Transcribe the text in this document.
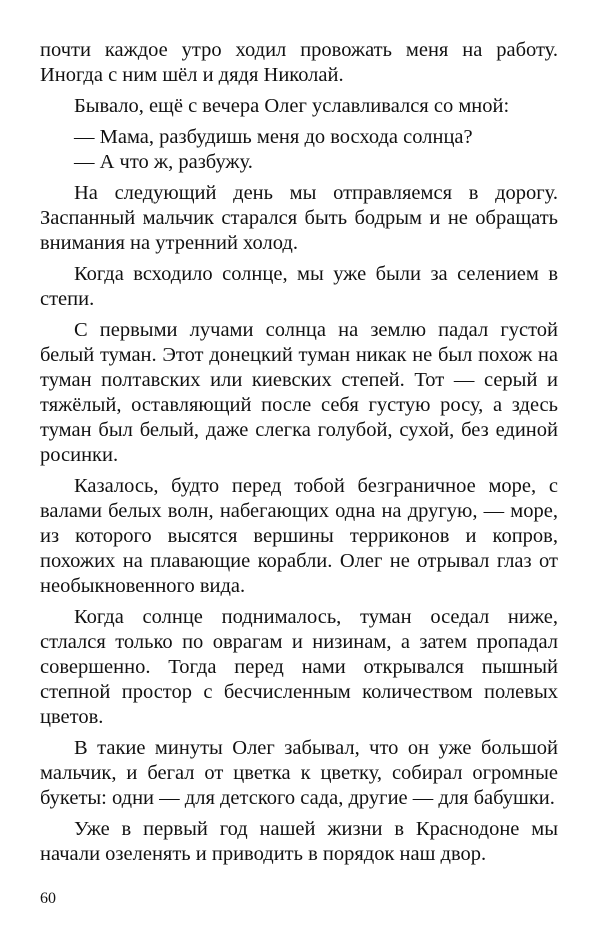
почти каждое утро ходил провожать меня на работу. Иногда с ним шёл и дядя Николай.

Бывало, ещё с вечера Олег уславливался со мной:

— Мама, разбудишь меня до восхода солнца?

— А что ж, разбужу.

На следующий день мы отправляемся в дорогу. Заспанный мальчик старался быть бодрым и не обращать внимания на утренний холод.

Когда всходило солнце, мы уже были за селением в степи.

С первыми лучами солнца на землю падал густой белый туман. Этот донецкий туман никак не был похож на туман полтавских или киевских степей. Тот — серый и тяжёлый, оставляющий после себя густую росу, а здесь туман был белый, даже слегка голубой, сухой, без единой росинки.

Казалось, будто перед тобой безграничное море, с валами белых волн, набегающих одна на другую, — море, из которого высятся вершины терриконов и копров, похожих на плавающие корабли. Олег не отрывал глаз от необыкновенного вида.

Когда солнце поднималось, туман оседал ниже, стлался только по оврагам и низинам, а затем пропадал совершенно. Тогда перед нами открывался пышный степной простор с бесчисленным количеством полевых цветов.

В такие минуты Олег забывал, что он уже большой мальчик, и бегал от цветка к цветку, собирал огромные букеты: одни — для детского сада, другие — для бабушки.

Уже в первый год нашей жизни в Краснодоне мы начали озеленять и приводить в порядок наш двор.

60
